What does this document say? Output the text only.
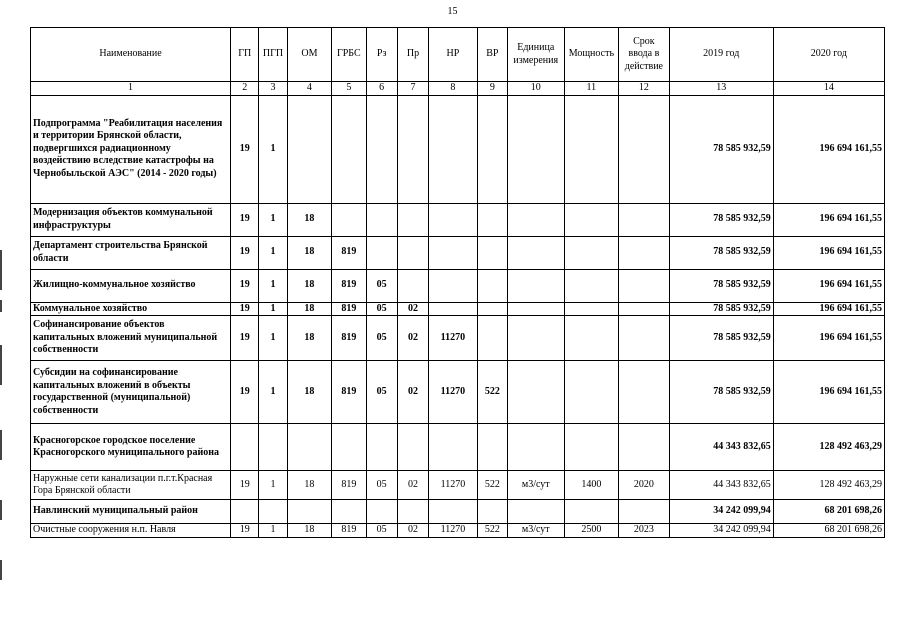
15
Наименование	ГП	ПГП	ОМ	ГРБС	Рз	Пр	НР	ВР	Единица измерения	Мощность	Срок ввода в действие	2019 год	2020 год
1	2	3	4	5	6	7	8	9	10	11	12	13	14
Подпрограмма "Реабилитация населения и территории Брянской области, подвергшихся радиационному воздействию вследствие катастрофы на Чернобыльской АЭС" (2014 - 2020 годы)	19	1										78 585 932,59	196 694 161,55
Модернизация объектов коммунальной инфраструктуры	19	1	18									78 585 932,59	196 694 161,55
Департамент строительства Брянской области	19	1	18	819								78 585 932,59	196 694 161,55
Жилищно-коммунальное хозяйство	19	1	18	819	05							78 585 932,59	196 694 161,55
Коммунальное хозяйство	19	1	18	819	05	02						78 585 932,59	196 694 161,55
Софинансирование объектов капитальных вложений муниципальной собственности	19	1	18	819	05	02	11270					78 585 932,59	196 694 161,55
Субсидии на софинансирование капитальных вложений в объекты государственной (муниципальной) собственности	19	1	18	819	05	02	11270	522				78 585 932,59	196 694 161,55
Красногорское городское поселение Красногорского муниципального района												44 343 832,65	128 492 463,29
Наружные сети канализации п.г.т.Красная Гора Брянской области	19	1	18	819	05	02	11270	522	м3/сут	1400	2020	44 343 832,65	128 492 463,29
Навлинский муниципальный район												34 242 099,94	68 201 698,26
Очистные сооружения н.п. Навля	19	1	18	819	05	02	11270	522	м3/сут	2500	2023	34 242 099,94	68 201 698,26
